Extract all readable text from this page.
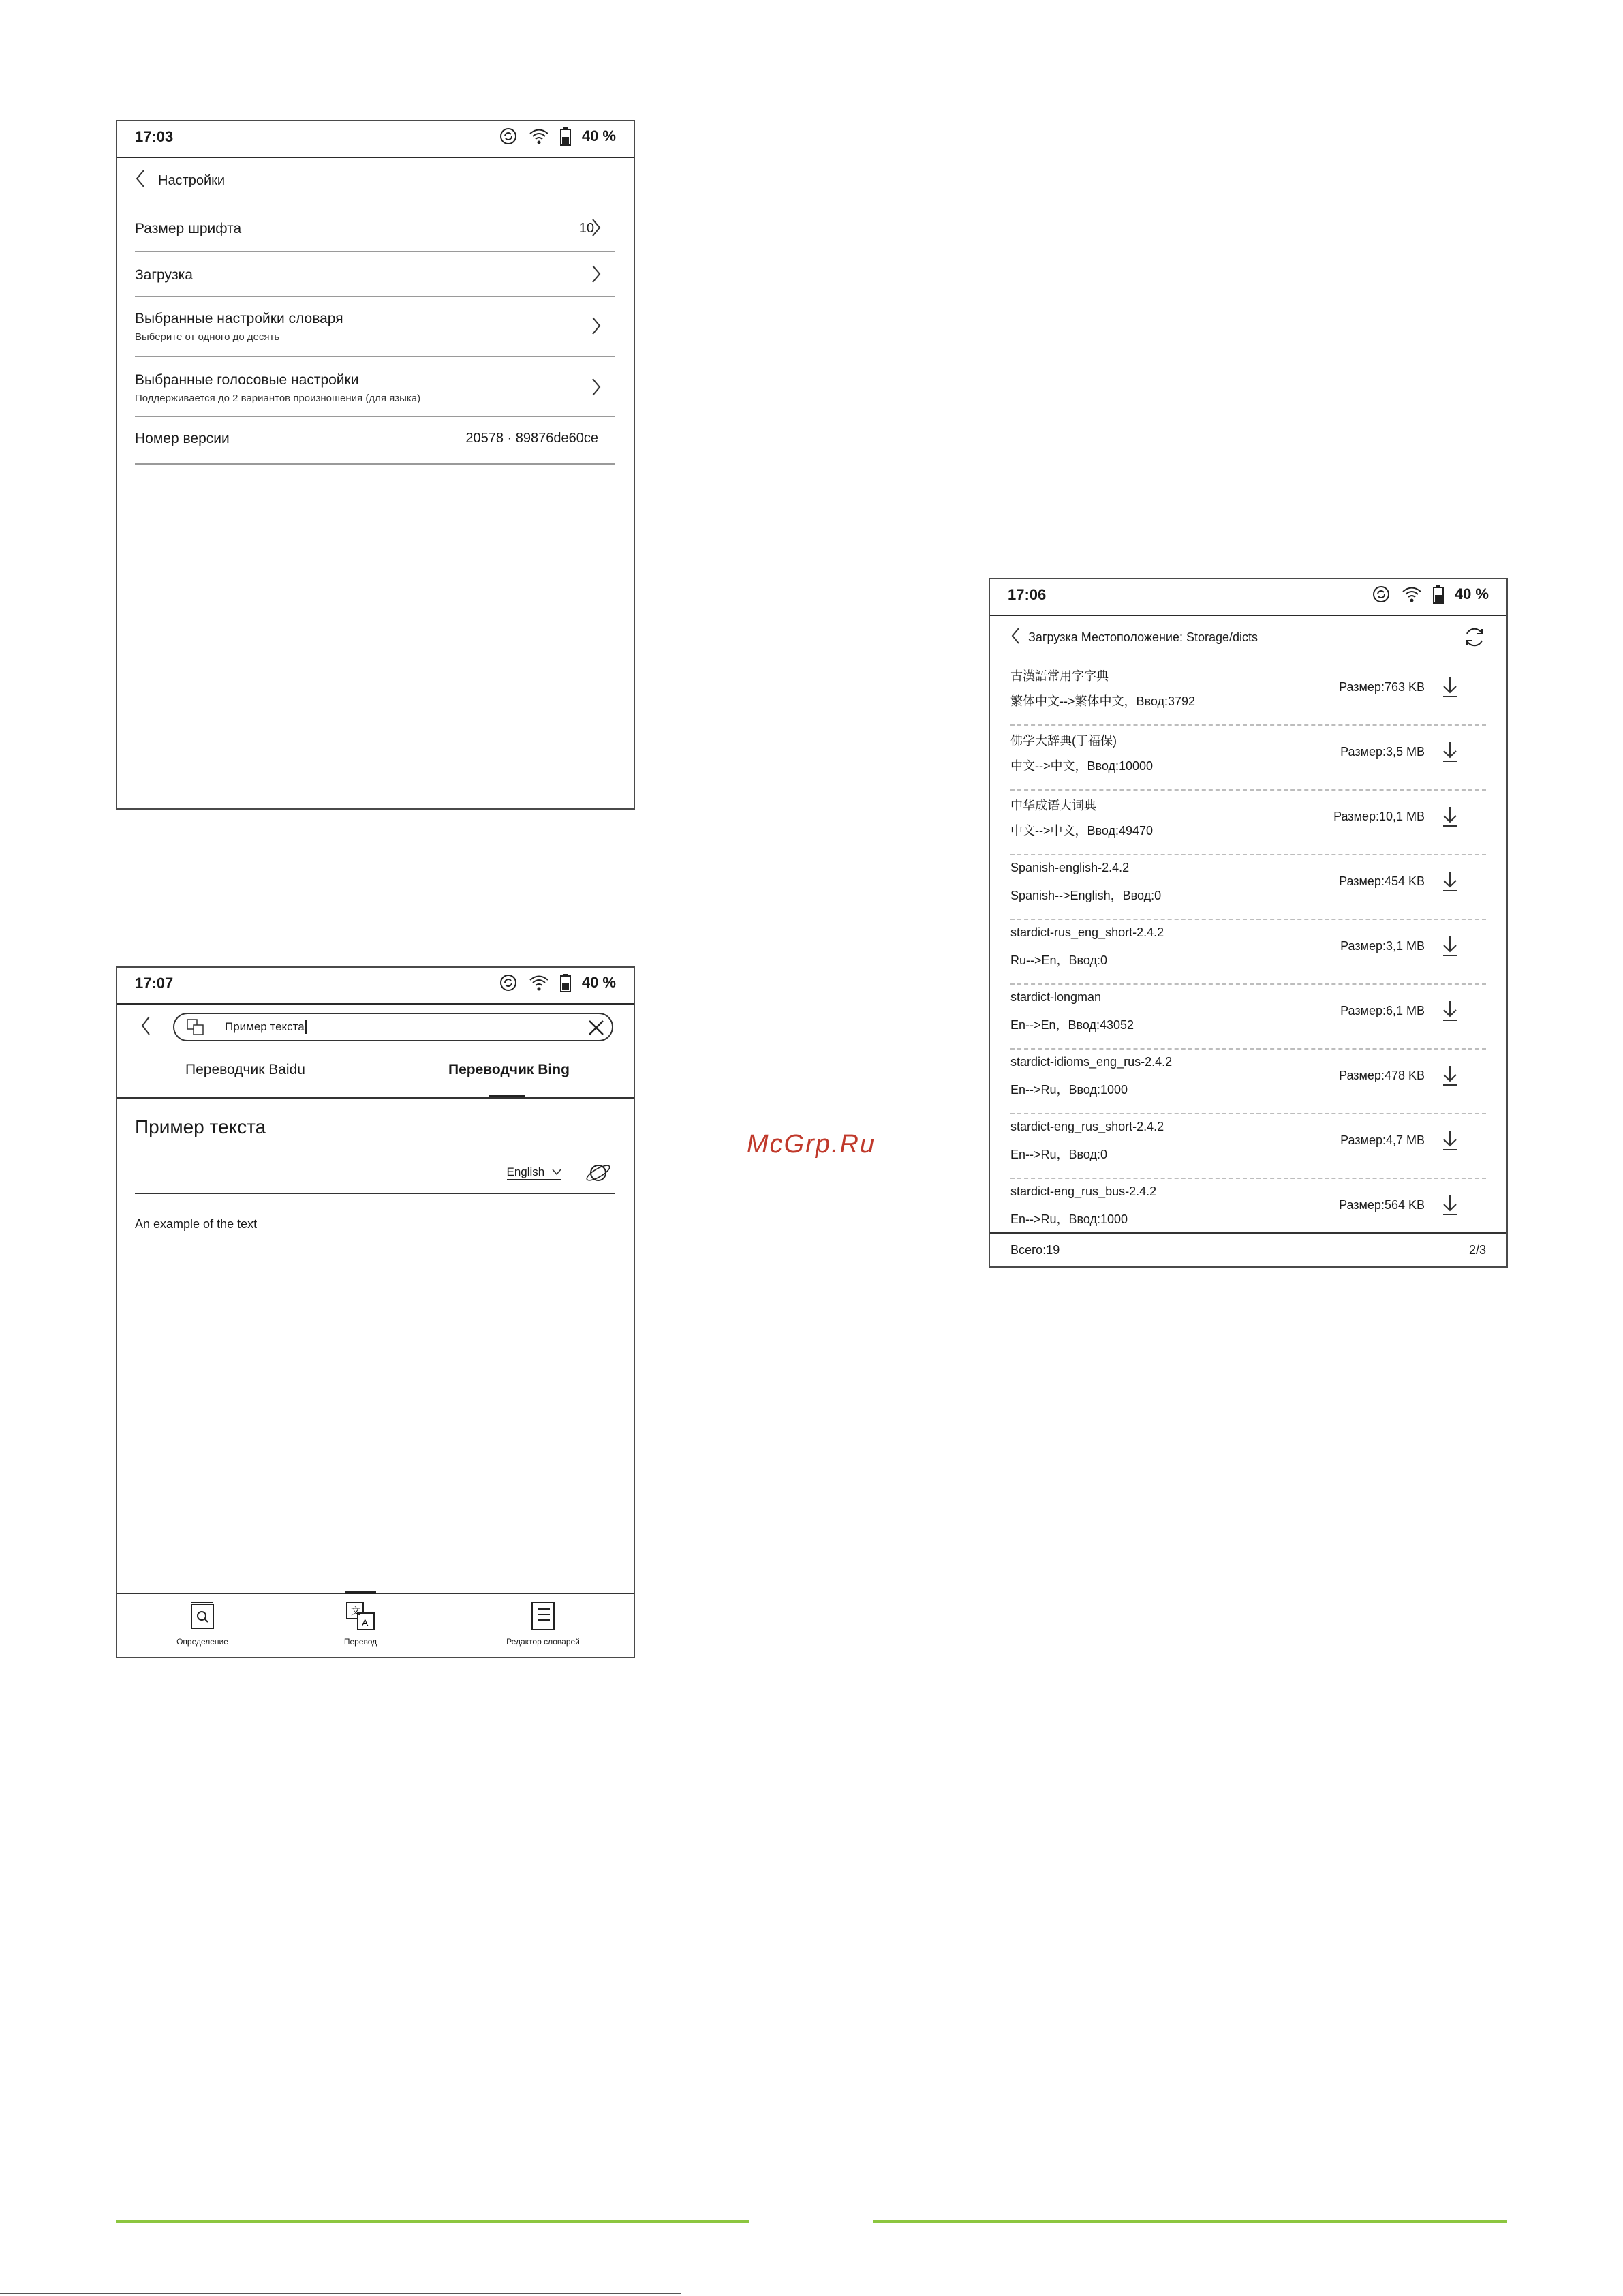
17:03	40 %
Настройки
Размер шрифта	10
Загрузка
Выбранные настройки словаря
Выберите от одного до десять
Выбранные голосовые настройки
Поддерживается до 2 вариантов произношения (для языка)
Номер версии	20578 · 89876de60ce
17:07	40 %
Пример текста
Переводчик Baidu	Переводчик Bing
Пример текста
English
An example of the text
Определение
文
A
Перевод	Редактор словарей
17:06	40 %
Загрузка Местоположение: Storage/dicts
古漢語常用字字典
繁体中文-->繁体中文，Ввод:3792
Размер:763 KB
佛学大辞典(丁福保)
中文-->中文，Ввод:10000
Размер:3,5 MB
中华成语大词典
中文-->中文，Ввод:49470
Размер:10,1 MB
Spanish-english-2.4.2
Spanish-->English，Ввод:0
Размер:454 KB
stardict-rus_eng_short-2.4.2
Ru-->En，Ввод:0
Размер:3,1 MB
stardict-longman
En-->En，Ввод:43052
Размер:6,1 MB
stardict-idioms_eng_rus-2.4.2
En-->Ru，Ввод:1000
Размер:478 KB
stardict-eng_rus_short-2.4.2
En-->Ru，Ввод:0
Размер:4,7 MB
stardict-eng_rus_bus-2.4.2
En-->Ru，Ввод:1000
Размер:564 KB
Всего:19	2/3
McGrp.Ru
